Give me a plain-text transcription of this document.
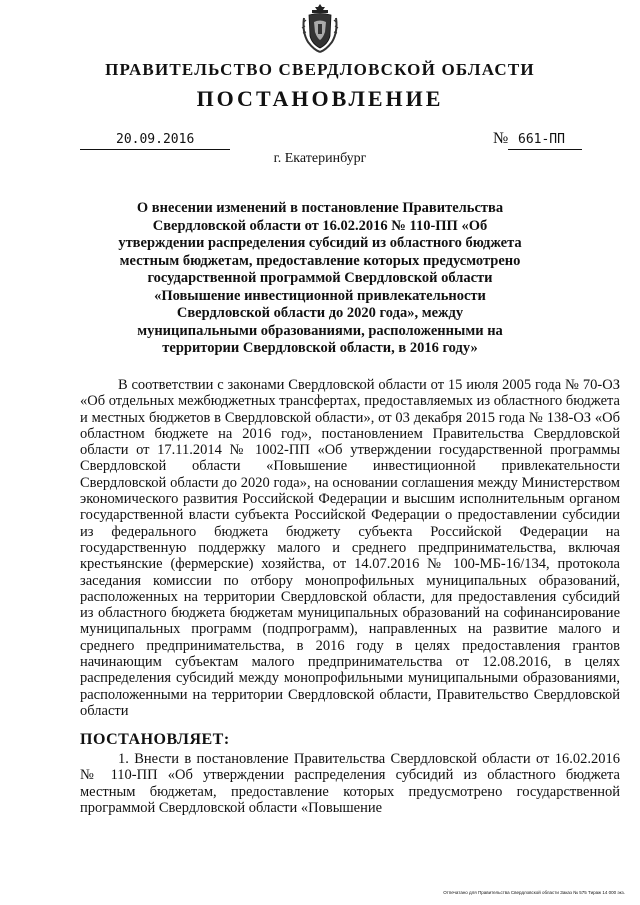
ПРАВИТЕЛЬСТВО СВЕРДЛОВСКОЙ ОБЛАСТИ
ПОСТАНОВЛЕНИЕ
20.09.2016	№ 661-ПП
г. Екатеринбург
О внесении изменений в постановление Правительства Свердловской области от 16.02.2016 № 110-ПП «Об утверждении распределения субсидий из областного бюджета местным бюджетам, предоставление которых предусмотрено государственной программой Свердловской области «Повышение инвестиционной привлекательности Свердловской области до 2020 года», между муниципальными образованиями, расположенными на территории Свердловской области, в 2016 году»

В соответствии с законами Свердловской области от 15 июля 2005 года № 70-ОЗ «Об отдельных межбюджетных трансфертах, предоставляемых из областного бюджета и местных бюджетов в Свердловской области», от 03 декабря 2015 года № 138-ОЗ «Об областном бюджете на 2016 год», постановлением Правительства Свердловской области от 17.11.2014 № 1002-ПП «Об утверждении государственной программы Свердловской области «Повышение инвестиционной привлекательности Свердловской области до 2020 года», на основании соглашения между Министерством экономического развития Российской Федерации и высшим исполнительным органом государственной власти субъекта Российской Федерации о предоставлении субсидии из федерального бюджета бюджету субъекта Российской Федерации на государственную поддержку малого и среднего предпринимательства, включая крестьянские (фермерские) хозяйства, от 14.07.2016 № 100-МБ-16/134, протокола заседания комиссии по отбору монопрофильных муниципальных образований, расположенных на территории Свердловской области, для предоставления субсидий из областного бюджета бюджетам муниципальных образований на софинансирование муниципальных программ (подпрограмм), направленных на развитие малого и среднего предпринимательства, в 2016 году в целях предоставления грантов начинающим субъектам малого предпринимательства от 12.08.2016, в целях распределения субсидий между монопрофильными муниципальными образованиями, расположенными на территории Свердловской области, Правительство Свердловской области

ПОСТАНОВЛЯЕТ:

1. Внести в постановление Правительства Свердловской области от 16.02.2016 № 110-ПП «Об утверждении распределения субсидий из областного бюджета местным бюджетам, предоставление которых предусмотрено государственной программой Свердловской области «Повышение

Отпечатано для Правительства Свердловской области Заказ № 575 Тираж 14 000 экз.
